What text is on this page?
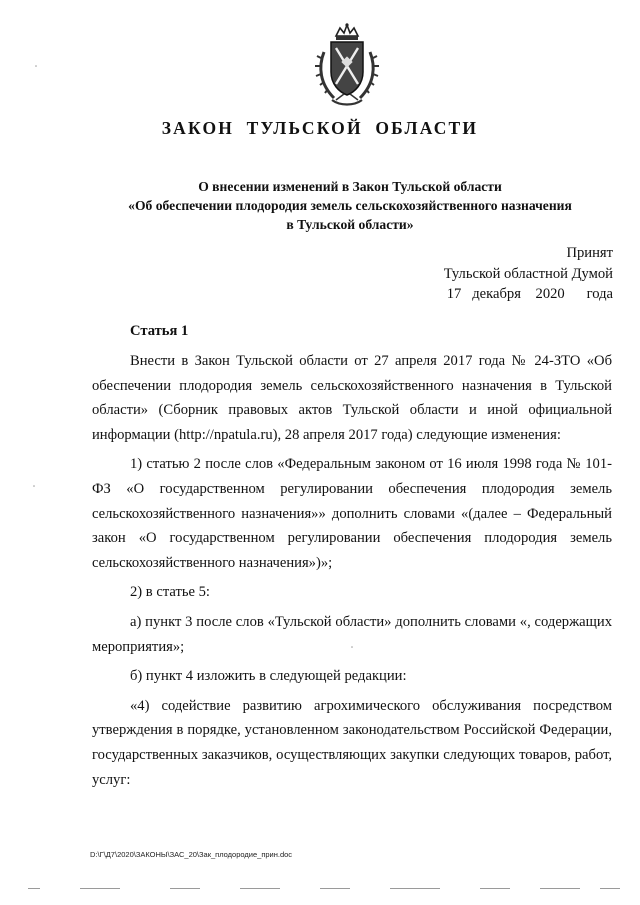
ЗАКОН ТУЛЬСКОЙ ОБЛАСТИ
О внесении изменений в Закон Тульской области
«Об обеспечении плодородия земель сельскохозяйственного назначения
в Тульской области»
Принят
Тульской областной Думой
17 декабря 2020 года
Статья 1

Внести в Закон Тульской области от 27 апреля 2017 года № 24-ЗТО «Об обеспечении плодородия земель сельскохозяйственного назначения в Тульской области» (Сборник правовых актов Тульской области и иной официальной информации (http://npatula.ru), 28 апреля 2017 года) следующие изменения:

1) статью 2 после слов «Федеральным законом от 16 июля 1998 года № 101-ФЗ «О государственном регулировании обеспечения плодородия земель сельскохозяйственного назначения»» дополнить словами «(далее – Федеральный закон «О государственном регулировании обеспечения плодородия земель сельскохозяйственного назначения»)»;

2) в статье 5:

а) пункт 3 после слов «Тульской области» дополнить словами «, содержащих мероприятия»;

б) пункт 4 изложить в следующей редакции:

«4) содействие развитию агрохимического обслуживания посредством утверждения в порядке, установленном законодательством Российской Федерации, государственных заказчиков, осуществляющих закупки следующих товаров, работ, услуг:

D:\Г\Д7\2020\ЗАКОНЫ\ЗАС_20\Зак_плодородие_прин.doc
